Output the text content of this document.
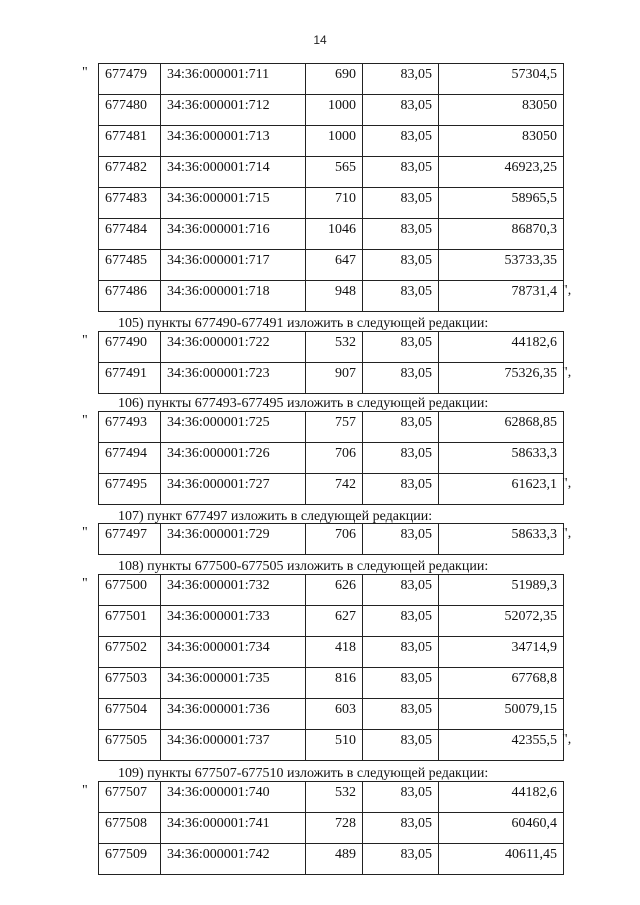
14
" 677479	34:36:000001:711	690	83,05	57304,5
677480	34:36:000001:712	1000	83,05	83050
677481	34:36:000001:713	1000	83,05	83050
677482	34:36:000001:714	565	83,05	46923,25
677483	34:36:000001:715	710	83,05	58965,5
677484	34:36:000001:716	1046	83,05	86870,3
677485	34:36:000001:717	647	83,05	53733,35
677486	34:36:000001:718	948	83,05	78731,4 ",
105) пункты 677490-677491 изложить в следующей редакции:
" 677490	34:36:000001:722	532	83,05	44182,6
677491	34:36:000001:723	907	83,05	75326,35 ",
106) пункты 677493-677495 изложить в следующей редакции:
" 677493	34:36:000001:725	757	83,05	62868,85
677494	34:36:000001:726	706	83,05	58633,3
677495	34:36:000001:727	742	83,05	61623,1 ",
107) пункт 677497 изложить в следующей редакции:
" 677497	34:36:000001:729	706	83,05	58633,3 ",
108) пункты 677500-677505 изложить в следующей редакции:
" 677500	34:36:000001:732	626	83,05	51989,3
677501	34:36:000001:733	627	83,05	52072,35
677502	34:36:000001:734	418	83,05	34714,9
677503	34:36:000001:735	816	83,05	67768,8
677504	34:36:000001:736	603	83,05	50079,15
677505	34:36:000001:737	510	83,05	42355,5 ",
109) пункты 677507-677510 изложить в следующей редакции:
" 677507	34:36:000001:740	532	83,05	44182,6
677508	34:36:000001:741	728	83,05	60460,4
677509	34:36:000001:742	489	83,05	40611,45
